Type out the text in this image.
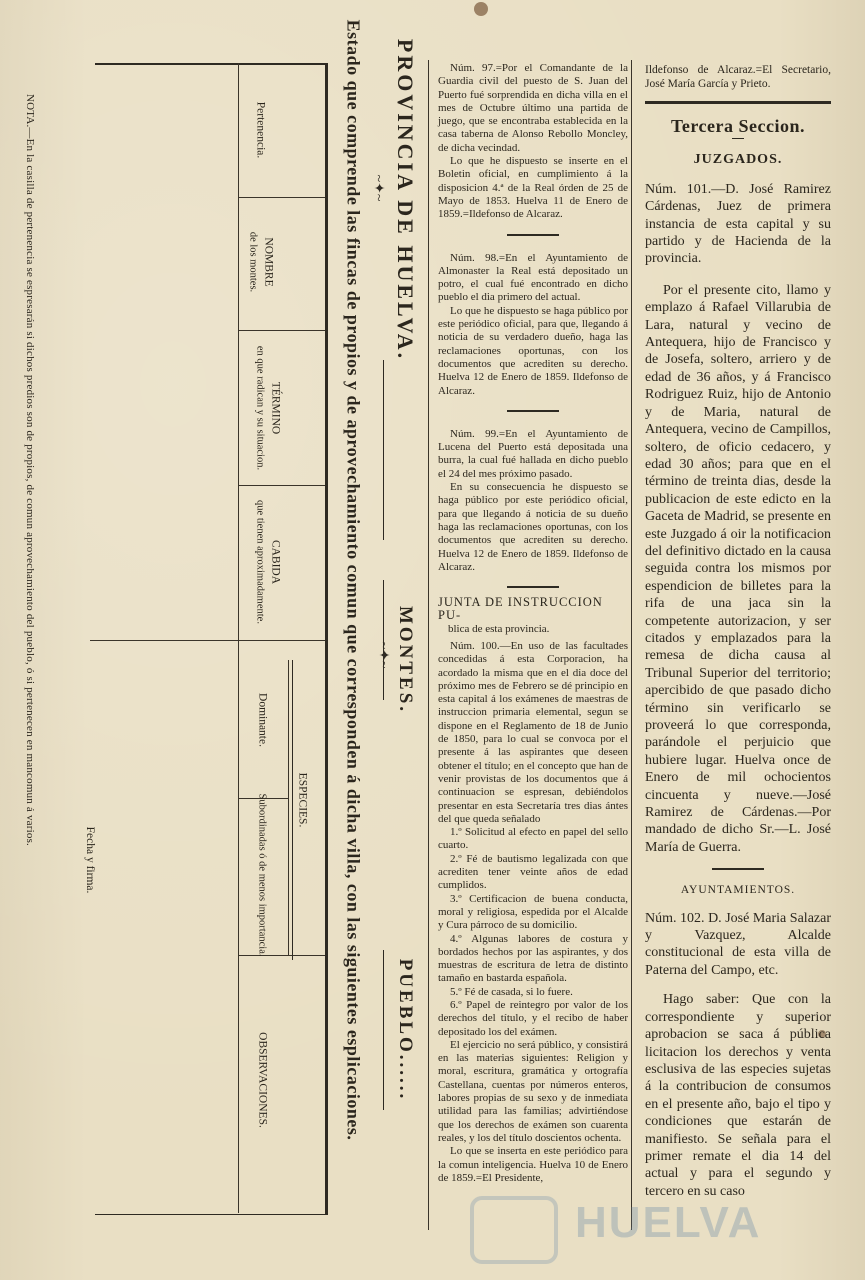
NOTA.—En la casilla de pertenencia se espresarán si dichos predios son de propios, de comun aprovechamiento del pueblo, ó si pertenecen en mancomun á varios.
Fecha y firma.
Pertenencia.
NOMBRE
de los montes.
TÉRMINO
en que radican y su situacion.
CABIDA
que tienen aproximadamente.
ESPECIES.
Dominante.
Subordinadas ó de menos importancia.
OBSERVACIONES.
PROVINCIA DE HUELVA.
Estado que comprende las fincas de propios y de aprovechamiento comun que corresponden á dicha villa, con las siguientes esplicaciones. MONTES.
PUEBLO......
~✦~
~✦~

Núm. 97.=Por el Comandante de la Guardia civil del puesto de S. Juan del Puerto fué sorprendida en dicha villa en el mes de Octubre último una partida de juego, que se encontraba establecida en la casa taberna de Alonso Rebollo Moncley, de dicha vecindad.

Lo que he dispuesto se inserte en el Boletin oficial, en cumplimiento á la disposicion 4.ª de la Real órden de 25 de Mayo de 1853. Huelva 11 de Enero de 1859.=Ildefonso de Alcaraz.

Núm. 98.=En el Ayuntamiento de Almonaster la Real está depositado un potro, el cual fué encontrado en dicho pueblo el dia primero del actual.

Lo que he dispuesto se haga público por este periódico oficial, para que, llegando á noticia de su verdadero dueño, haga las reclamaciones oportunas, con los documentos que acrediten su derecho. Huelva 12 de Enero de 1859. Ildefonso de Alcaraz.

Núm. 99.=En el Ayuntamiento de Lucena del Puerto está depositada una burra, la cual fué hallada en dicho pueblo el 24 del mes próximo pasado.

En su consecuencia he dispuesto se haga público por este periódico oficial, para que llegando á noticia de su dueño haga las reclamaciones oportunas, con los documentos que acrediten su derecho. Huelva 12 de Enero de 1859. Ildefonso de Alcaraz.

JUNTA DE INSTRUCCION PU-
blica de esta provincia.

Núm. 100.—En uso de las facultades concedidas á esta Corporacion, ha acordado la misma que en el dia doce del próximo mes de Febrero se dé principio en esta capital á los exámenes de maestras de instruccion primaria elemental, segun se dispone en el Reglamento de 18 de Junio de 1850, para lo cual se convoca por el presente á las aspirantes que deseen obtener el título; en el concepto que han de venir provistas de los documentos que á continuacion se espresan, debiéndolos presentar en esta Secretaría tres dias ántes del que queda señalado

1.º Solicitud al efecto en papel del sello cuarto.

2.º Fé de bautismo legalizada con que acrediten tener veinte años de edad cumplidos.

3.º Certificacion de buena conducta, moral y religiosa, espedida por el Alcalde y Cura párroco de su domicilio.

4.º Algunas labores de costura y bordados hechos por las aspirantes, y dos muestras de escritura de letra de distinto tamaño en bastarda española.

5.º Fé de casada, si lo fuere.

6.º Papel de reintegro por valor de los derechos del título, y el recibo de haber depositado los del exámen.

El ejercicio no será público, y consistirá en las materias siguientes: Religion y moral, escritura, gramática y ortografía Castellana, cuentas por números enteros, labores propias de su sexo y de inmediata utilidad para las familias; advirtiéndose que los derechos de exámen son cuarenta reales, y los del título doscientos ochenta.

Lo que se inserta en este periódico para la comun inteligencia. Huelva 10 de Enero de 1859.=El Presidente,

Ildefonso de Alcaraz.=El Secretario, José María García y Prieto.

Tercera Seccion.
JUZGADOS.

Núm. 101.—D. José Ramirez Cárdenas, Juez de primera instancia de esta capital y su partido y de Hacienda de la provincia.

Por el presente cito, llamo y emplazo á Rafael Villarubia de Lara, natural y vecino de Antequera, hijo de Francisco y de Josefa, soltero, arriero y de edad de 36 años, y á Francisco Rodriguez Ruiz, hijo de Antonio y de Maria, natural de Antequera, vecino de Campillos, soltero, de oficio cedacero, y edad 30 años; para que en el término de treinta dias, desde la publicacion de este edicto en la Gaceta de Madrid, se presente en este Juzgado á oir la notificacion del definitivo dictado en la causa seguida contra los mismos por espendicion de billetes para la rifa de una jaca sin la competente autorizacion, y ser citados y emplazados para la remesa de dicha causa al Tribunal Superior del territorio; apercibido de que pasado dicho término sin verificarlo se proveerá lo que corresponda, parándole el perjuicio que hubiere lugar. Huelva once de Enero de mil ochocientos cincuenta y nueve.—José Ramirez de Cárdenas.—Por mandado de dicho Sr.—L. José María de Guerra.

AYUNTAMIENTOS.

Núm. 102. D. José Maria Salazar y Vazquez, Alcalde constitucional de esta villa de Paterna del Campo, etc.

Hago saber: Que con la correspondiente y superior aprobacion se saca á pública licitacion los derechos y venta esclusiva de las especies sujetas á la contribucion de consumos en el presente año, bajo el tipo y condiciones que estarán de manifiesto. Se señala para el primer remate el dia 14 del actual y para el segundo y tercero en su caso

HUELVA
